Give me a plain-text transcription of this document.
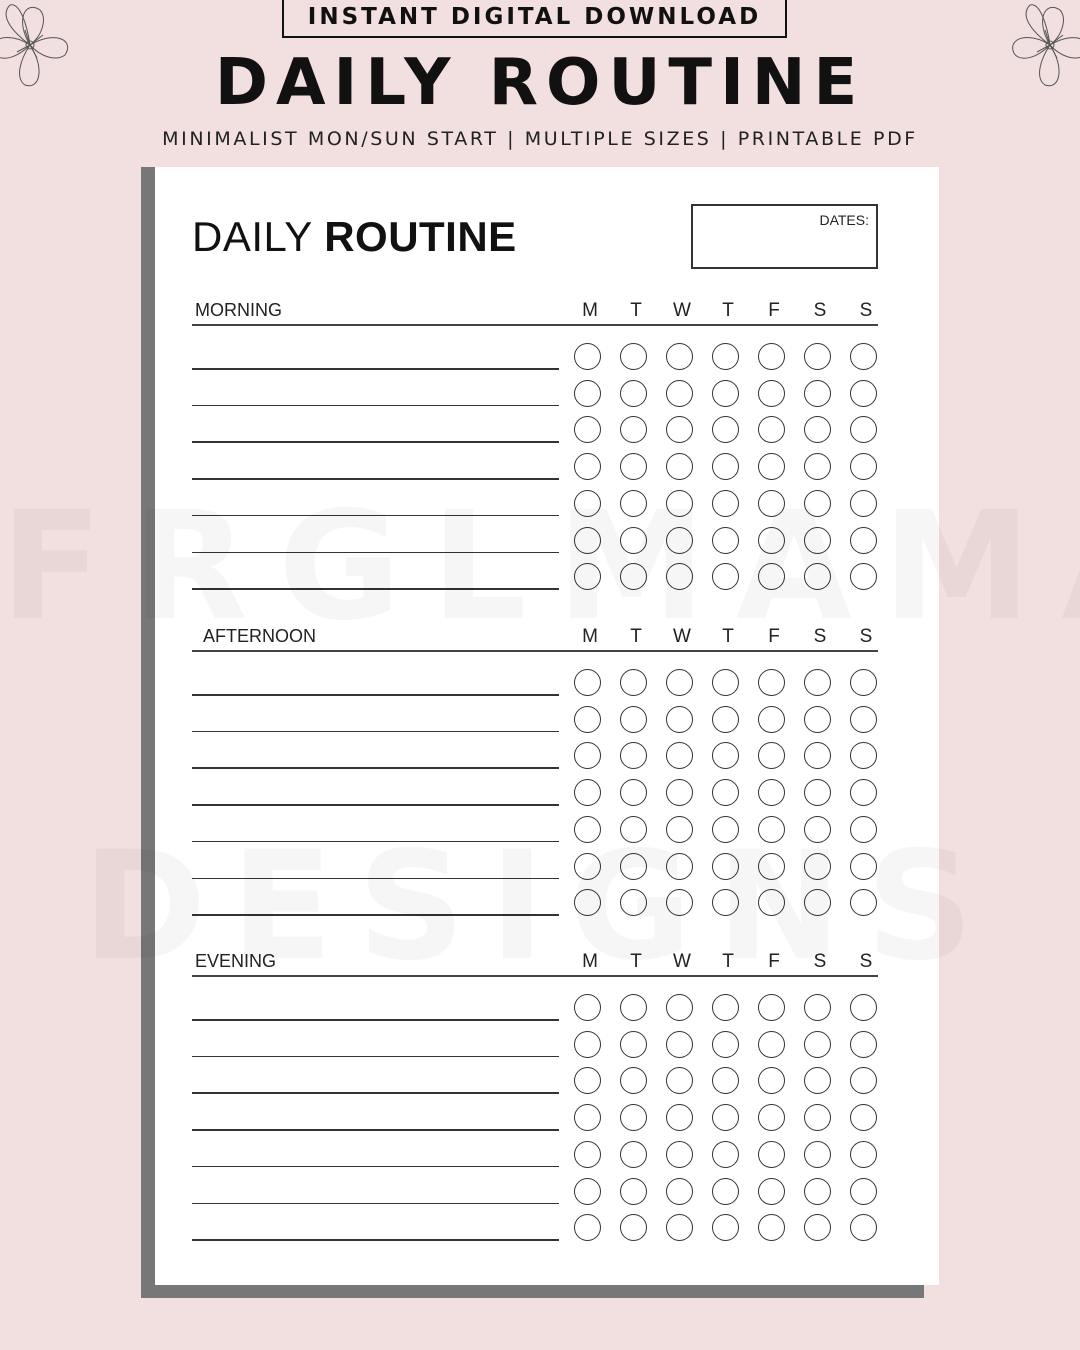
INSTANT DIGITAL DOWNLOAD
DAILY ROUTINE
MINIMALIST MON/SUN START | MULTIPLE SIZES | PRINTABLE PDF
DAILY ROUTINE	DATES:
MORNING	M	T	W	T	F	S	S
AFTERNOON	M	T	W	T	F	S	S
EVENING	M	T	W	T	F	S	S
